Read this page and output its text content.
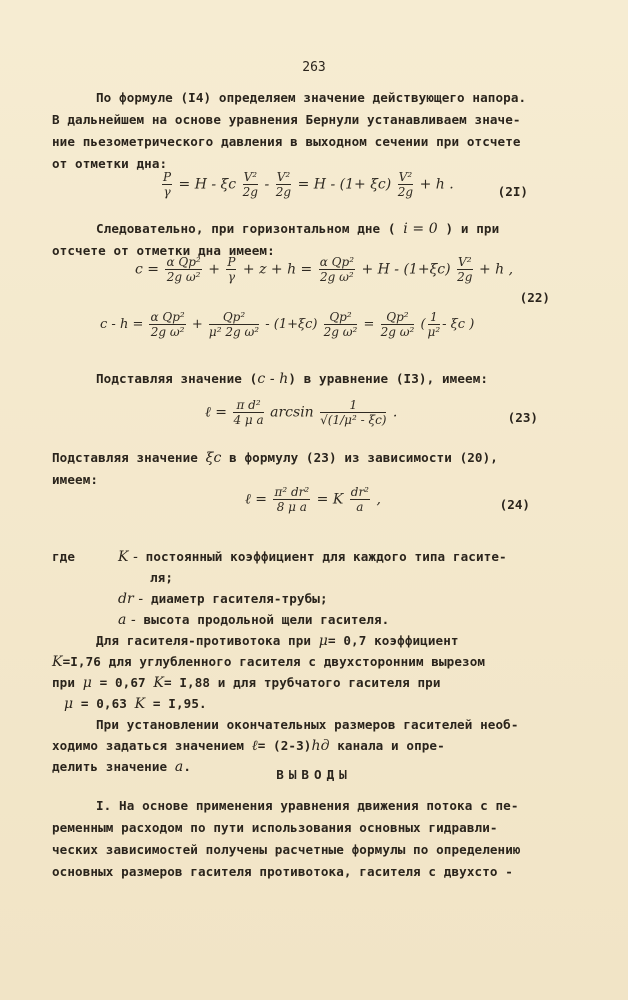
263
По формуле (I4) определяем значение действующего напора.
В дальнейшем на основе уравнения Бернули устанавливаем значе-
ние пьезометрического давления в выходном сечении при отсчете
от отметки дна:
$\frac{P}{\gamma} = H - \xi c \frac{\text{V²}}{2g} - \frac{\text{V²}}{2g} = H - (1+ \xi c) \frac{\text{V²}}{2g} + h$ .	(2I)
Следовательно, при горизонтальном дне ( i = 0 ) и при
отсчете от отметки дна имеем:
$c = \frac{\text{α Qp²}}{\text{2g ω²}} + \frac{P}{\gamma} + z + h = \frac{\text{α Qp²}}{\text{2g ω²}} + H - (1+\xi c) \frac{\text{V²}}{2g} + h$ ,
(22)
$c - h = \frac{\text{α Qp²}}{\text{2g ω²}} + \frac{\text{Qp²}}{\text{μ² 2g ω²}} - (1+\xi c) \frac{\text{Qp²}}{\text{2g ω²}} = \frac{\text{Qp²}}{\text{2g ω²}}$ ( $\frac{1}{\text{μ²}}$ - ξc )
Подставляя значение (c - h) в уравнение (I3), имеем:
ℓ = $\frac{\text{π d²}}{\text{4 μ a}}$ $\arcsin \frac{1}{\text{√(1/μ² - ξc)}}$ .	(23)
Подставляя значение ξc в формулу (23) из зависимости (20),
имеем:
ℓ = $\frac{\text{π² dr²}}{\text{8 μ a}} = K \frac{\text{dr²}}{a}$ ,	(24)
где	K - постоянный коэффициент для каждого типа гасите-
ля;
dr - диаметр гасителя-трубы;
a - высота продольной щели гасителя.
Для гасителя-противотока при μ= 0,7 коэффициент
K=I,76 для углубленного гасителя с двухсторонним вырезом
при μ = 0,67 K= I,88 и для трубчатого гасителя при
μ = 0,63 K = I,95.
При установлении окончательных размеров гасителей необ-
ходимо задаться значением ℓ= (2-3)hд канала и опре-
делить значение a.
ВЫВОДЫ
I. На основе применения уравнения движения потока с пе-
ременным расходом по пути использования основных гидравли-
ческих зависимостей получены расчетные формулы по определению
основных размеров гасителя противотока, гасителя с двухсто -
